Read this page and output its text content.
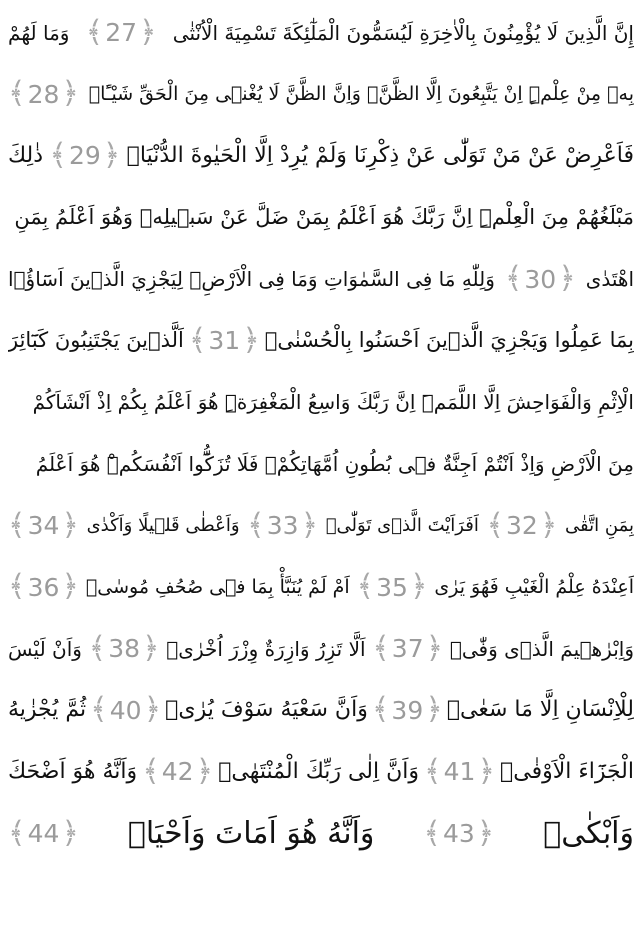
إِنَّ الَّذِينَ لَا يُؤْمِنُونَ بِالْاٰخِرَةِ لَيُسَمُّونَ الْمَلٰٓئِكَةَ تَسْمِيَةَ الْاُنْثٰى
﴿ 27
﴾
وَمَا لَهُمْ
بِهٖ مِنْ عِلْمٍۜ اِنْ يَتَّبِعُونَ اِلَّا الظَّنَّۚ وَاِنَّ الظَّنَّ لَا يُغْنٖى مِنَ الْحَقِّ شَيْـًٔاۚ
﴿ 28
﴾
فَاَعْرِضْ عَنْ مَنْ تَوَلّٰى عَنْ ذِكْرِنَا وَلَمْ يُرِدْ اِلَّا الْحَيٰوةَ الدُّنْيَاۜ
﴿ 29
﴾
ذٰلِكَ
مَبْلَغُهُمْ مِنَ الْعِلْمِۜ اِنَّ رَبَّكَ هُوَ اَعْلَمُ بِمَنْ ضَلَّ عَنْ سَبٖيلِهٖ وَهُوَ اَعْلَمُ بِمَنِ
اهْتَدٰى
﴿ 30
﴾
وَلِلّٰهِ مَا فِى السَّمٰوَاتِ وَمَا فِى الْاَرْضِۙ لِيَجْزِيَ الَّذٖينَ اَسَٓاؤُ۫ا
بِمَا عَمِلُوا وَيَجْزِيَ الَّذٖينَ اَحْسَنُوا بِالْحُسْنٰىۚ
﴿ 31
﴾
اَلَّذٖينَ يَجْتَنِبُونَ كَبَٓائِرَ
الْاِثْمِ وَالْفَوَاحِشَ اِلَّا اللَّمَمَۜ اِنَّ رَبَّكَ وَاسِعُ الْمَغْفِرَةِۜ هُوَ اَعْلَمُ بِكُمْ اِذْ اَنْشَاَكُمْ
مِنَ الْاَرْضِ وَاِذْ اَنْتُمْ اَجِنَّةٌ فٖى بُطُونِ اُمَّهَاتِكُمْۚ فَلَا تُزَكُّٓوا اَنْفُسَكُمْۜ هُوَ اَعْلَمُ
بِمَنِ اتَّقٰى
﴿ 32
﴾
اَفَرَاَيْتَ الَّذٖى تَوَلّٰىۙ
﴿ 33
﴾
وَاَعْطٰى قَلٖيلًا وَاَكْدٰى
﴿ 34
﴾
اَعِنْدَهُ عِلْمُ الْغَيْبِ فَهُوَ يَرٰى
﴿ 35
﴾
اَمْ لَمْ يُنَبَّأْ بِمَا فٖى صُحُفِ مُوسٰىۙ
﴿ 36
﴾
وَاِبْرٰهٖيمَ الَّذٖى وَفّٰىۙ
﴿ 37
﴾
اَلَّا تَزِرُ وَازِرَةٌ وِزْرَ اُخْرٰىۙ
﴿ 38
﴾
وَاَنْ لَيْسَ
لِلْاِنْسَانِ اِلَّا مَا سَعٰىۙ
﴿ 39
﴾
وَاَنَّ سَعْيَهُ سَوْفَ يُرٰىۖ
﴿ 40
﴾
ثُمَّ يُجْزٰيهُ
الْجَزَٓاءَ الْاَوْفٰىۙ
﴿ 41
﴾
وَاَنَّ اِلٰى رَبِّكَ الْمُنْتَهٰىۙ
﴿ 42
﴾
وَاَنَّهُ هُوَ اَضْحَكَ
وَاَبْكٰىۙ
﴿ 43
﴾
وَاَنَّهُ هُوَ اَمَاتَ وَاَحْيَاۙ
﴿ 44
﴾
